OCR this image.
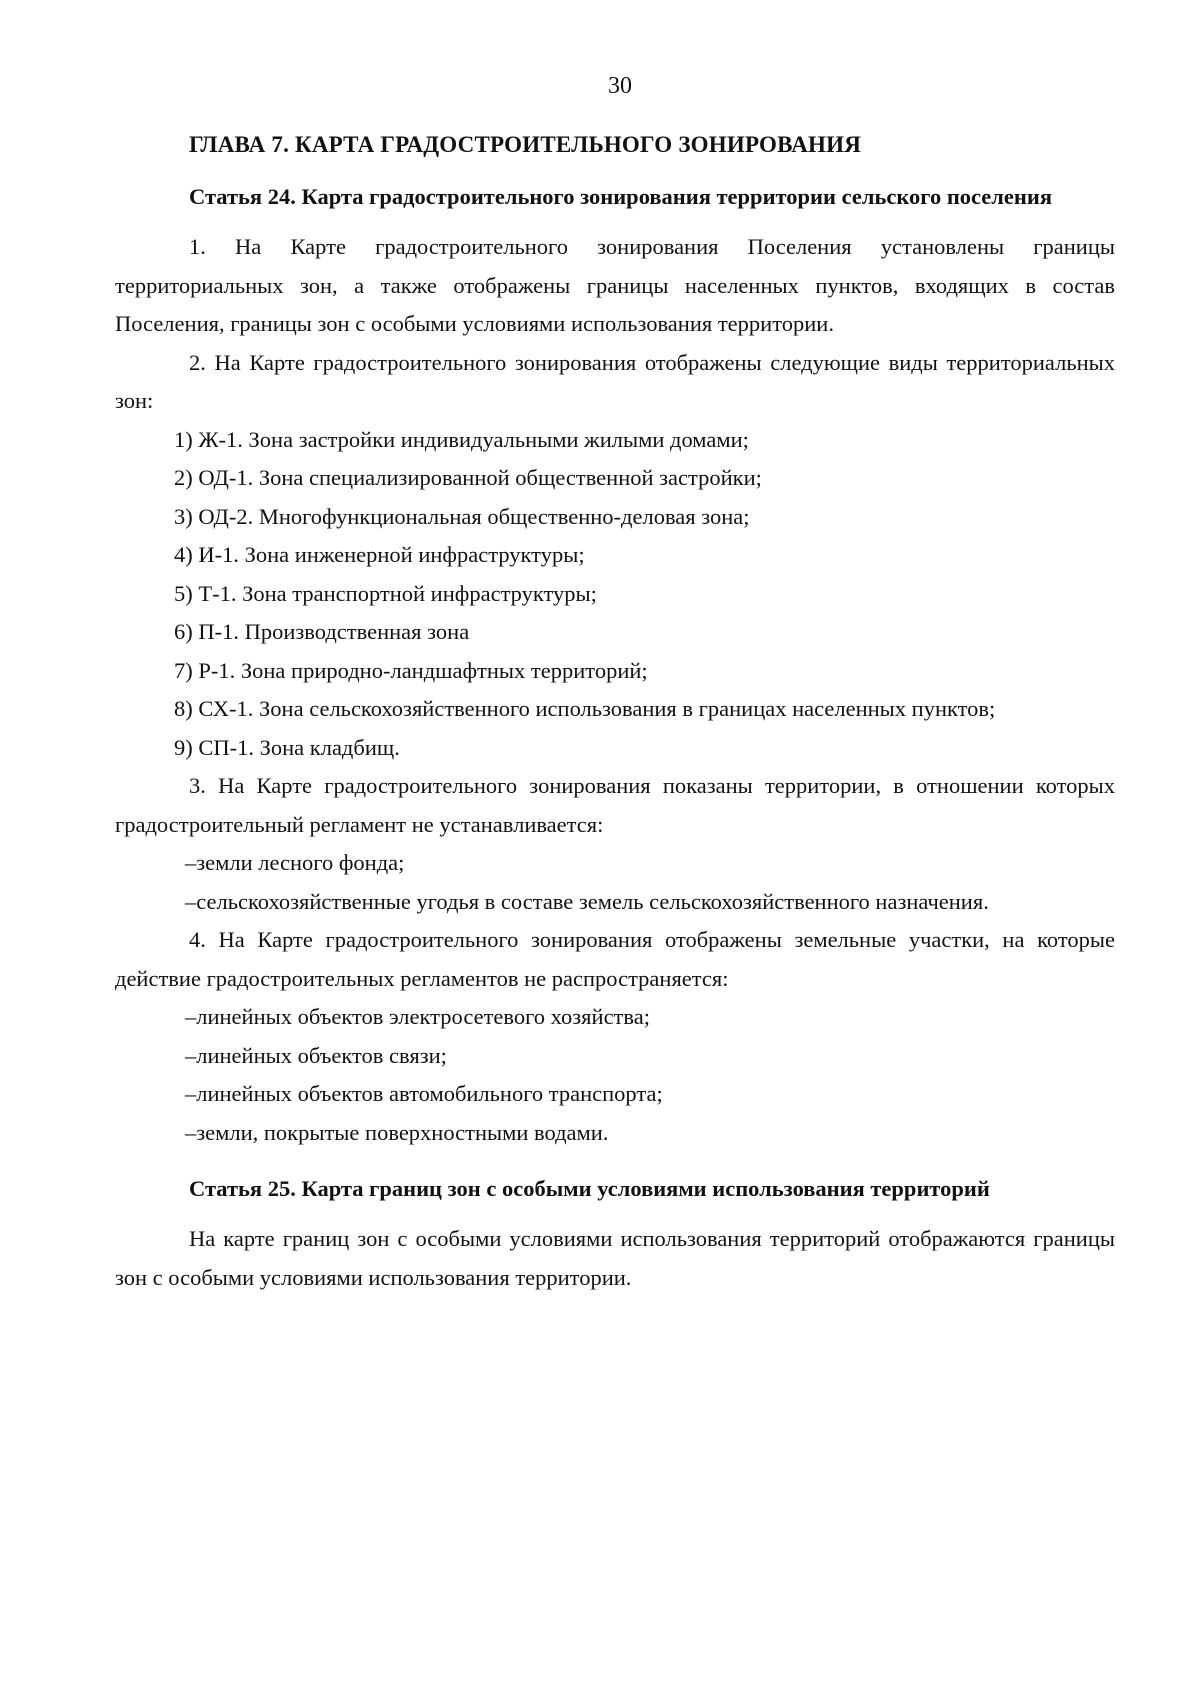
30
ГЛАВА 7. КАРТА ГРАДОСТРОИТЕЛЬНОГО ЗОНИРОВАНИЯ
Статья 24. Карта градостроительного зонирования территории сельского поселения

1. На Карте градостроительного зонирования Поселения установлены границы территориальных зон, а также отображены границы населенных пунктов, входящих в состав Поселения, границы зон с особыми условиями использования территории.

2. На Карте градостроительного зонирования отображены следующие виды территориальных зон:

1) Ж-1. Зона застройки индивидуальными жилыми домами;

2) ОД-1. Зона специализированной общественной застройки;

3) ОД-2. Многофункциональная общественно-деловая зона;

4) И-1. Зона инженерной инфраструктуры;

5) Т-1. Зона транспортной инфраструктуры;

6) П-1. Производственная зона

7) Р-1. Зона природно-ландшафтных территорий;

8) СХ-1. Зона сельскохозяйственного использования в границах населенных пунктов;

9) СП-1. Зона кладбищ.

3. На Карте градостроительного зонирования показаны территории, в отношении которых градостроительный регламент не устанавливается:

–земли лесного фонда;

–сельскохозяйственные угодья в составе земель сельскохозяйственного назначения.

4. На Карте градостроительного зонирования отображены земельные участки, на которые действие градостроительных регламентов не распространяется:

–линейных объектов электросетевого хозяйства;

–линейных объектов связи;

–линейных объектов автомобильного транспорта;

–земли, покрытые поверхностными водами.

Статья 25. Карта границ зон с особыми условиями использования территорий

На карте границ зон с особыми условиями использования территорий отображаются границы зон с особыми условиями использования территории.
